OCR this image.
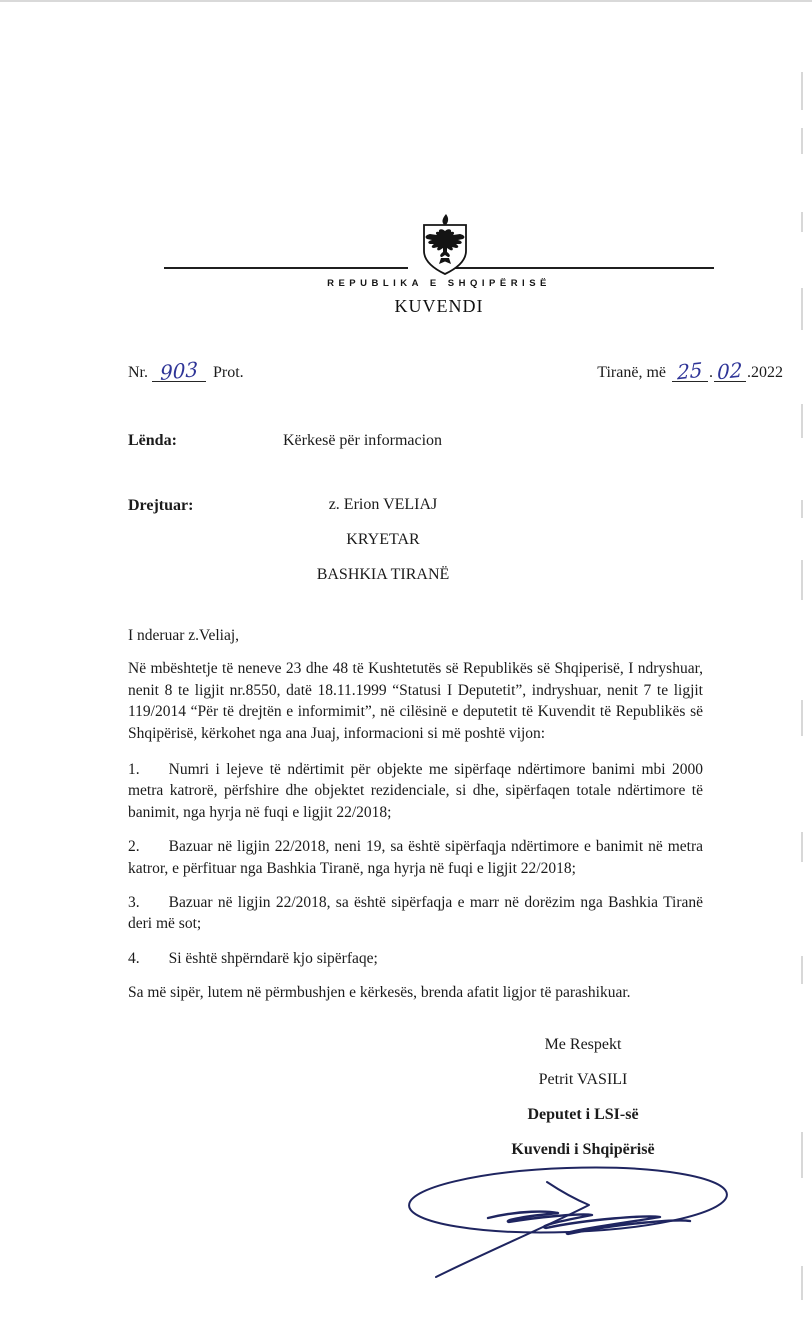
REPUBLIKA E SHQIPËRISË
KUVENDI
Nr. 903 Prot.	Tiranë, më 25 . 02 .2022
Lënda:	Kërkesë për informacion
Drejtuar:	z. Erion VELIAJ

KRYETAR

BASHKIA TIRANË

I nderuar z.Veliaj,

Në mbështetje të neneve 23 dhe 48 të Kushtetutës së Republikës së Shqiperisë, I ndryshuar, nenit 8 te ligjit nr.8550, datë 18.11.1999 “Statusi I Deputetit”, indryshuar, nenit 7 te ligjit 119/2014 “Për të drejtën e informimit”, në cilësinë e deputetit të Kuvendit të Republikës së Shqipërisë, kërkohet nga ana Juaj, informacioni si më poshtë vijon:

1. Numri i lejeve të ndërtimit për objekte me sipërfaqe ndërtimore banimi mbi 2000 metra katrorë, përfshire dhe objektet rezidenciale, si dhe, sipërfaqen totale ndërtimore të banimit, nga hyrja në fuqi e ligjit 22/2018;

2. Bazuar në ligjin 22/2018, neni 19, sa është sipërfaqja ndërtimore e banimit në metra katror, e përfituar nga Bashkia Tiranë, nga hyrja në fuqi e ligjit 22/2018;

3. Bazuar në ligjin 22/2018, sa është sipërfaqja e marr në dorëzim nga Bashkia Tiranë deri më sot;

4. Si është shpërndarë kjo sipërfaqe;

Sa më sipër, lutem në përmbushjen e kërkesës, brenda afatit ligjor të parashikuar.

Me Respekt

Petrit VASILI

Deputet i LSI-së

Kuvendi i Shqipërisë
